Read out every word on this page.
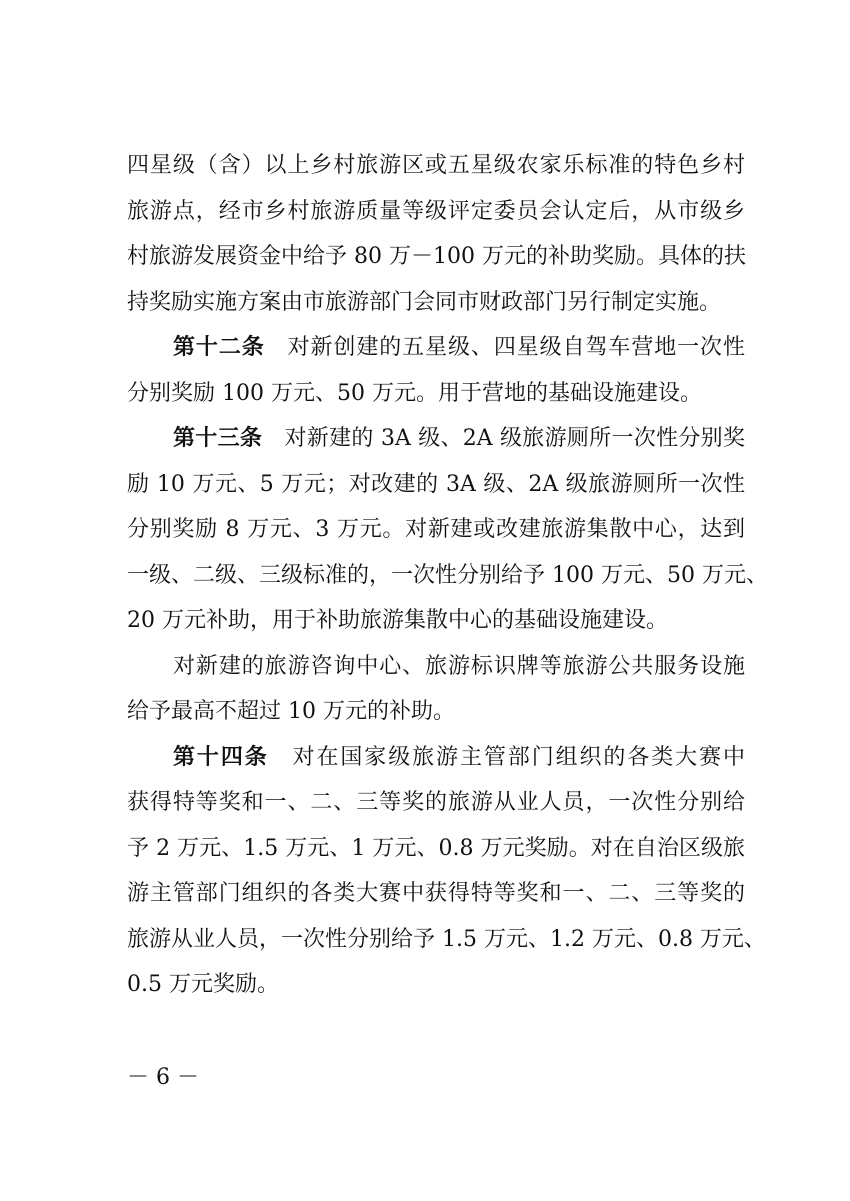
四星级（含）以上乡村旅游区或五星级农家乐标准的特色乡村
旅游点，经市乡村旅游质量等级评定委员会认定后，从市级乡
村旅游发展资金中给予 80 万－100 万元的补助奖励。具体的扶
持奖励实施方案由市旅游部门会同市财政部门另行制定实施。
第十二条　 对新创建的五星级、四星级自驾车营地一次性
分别奖励 100 万元、50 万元。用于营地的基础设施建设。
第十三条　 对新建的 3A 级、2A 级旅游厕所一次性分别奖
励 10 万元、5 万元；对改建的 3A 级、2A 级旅游厕所一次性
分别奖励 8 万元、3 万元。对新建或改建旅游集散中心，达到
一级、二级、三级标准的，一次性分别给予 100 万元、50 万元、
20 万元补助，用于补助旅游集散中心的基础设施建设。
对新建的旅游咨询中心、旅游标识牌等旅游公共服务设施
给予最高不超过 10 万元的补助。
第十四条　 对在国家级旅游主管部门组织的各类大赛中
获得特等奖和一、二、三等奖的旅游从业人员，一次性分别给
予 2 万元、1.5 万元、1 万元、0.8 万元奖励。对在自治区级旅
游主管部门组织的各类大赛中获得特等奖和一、二、三等奖的
旅游从业人员，一次性分别给予 1.5 万元、1.2 万元、0.8 万元、
0.5 万元奖励。
－ 6 －
